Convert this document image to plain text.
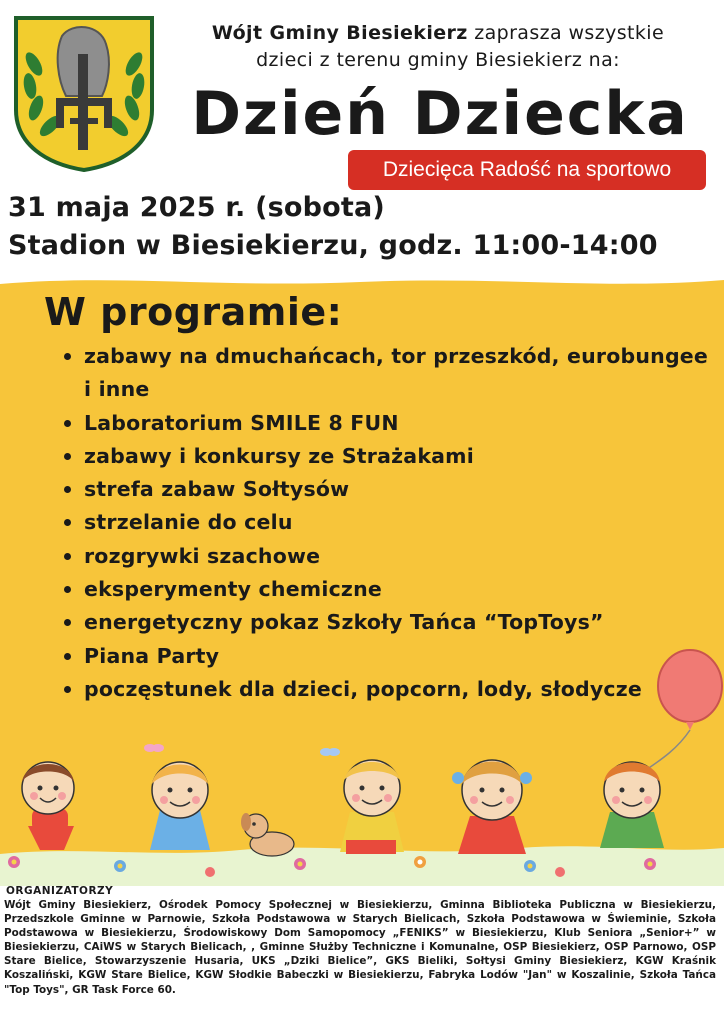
Wójt Gminy Biesiekierz zaprasza wszystkie
dzieci z terenu gminy Biesiekierz na:
Dzień Dziecka
Dziecięca Radość na sportowo
31 maja 2025 r. (sobota)
Stadion w Biesiekierzu, godz. 11:00-14:00
W programie:
zabawy na dmuchańcach, tor przeszkód, eurobungee i inne
Laboratorium SMILE 8 FUN
zabawy i konkursy ze Strażakami
strefa zabaw Sołtysów
strzelanie do celu
rozgrywki szachowe
eksperymenty chemiczne
energetyczny pokaz Szkoły Tańca “TopToys”
Piana Party
poczęstunek dla dzieci, popcorn, lody, słodycze
ORGANIZATORZY
Wójt Gminy Biesiekierz, Ośrodek Pomocy Społecznej w Biesiekierzu, Gminna Biblioteka Publiczna w Biesiekierzu, Przedszkole Gminne w Parnowie, Szkoła Podstawowa w Starych Bielicach, Szkoła Podstawowa w Świeminie, Szkoła Podstawowa w Biesiekierzu, Środowiskowy Dom Samopomocy „FENIKS” w Biesiekierzu, Klub Seniora „Senior+” w Biesiekierzu, CAiWS w Starych Bielicach, , Gminne Służby Techniczne i Komunalne, OSP Biesiekierz, OSP Parnowo, OSP Stare Bielice, Stowarzyszenie Husaria, UKS „Dziki Bielice”, GKS Bieliki, Sołtysi Gminy Biesiekierz, KGW Kraśnik Koszaliński, KGW Stare Bielice, KGW Słodkie Babeczki w Biesiekierzu, Fabryka Lodów "Jan" w Koszalinie, Szkoła Tańca "Top Toys", GR Task Force 60.
